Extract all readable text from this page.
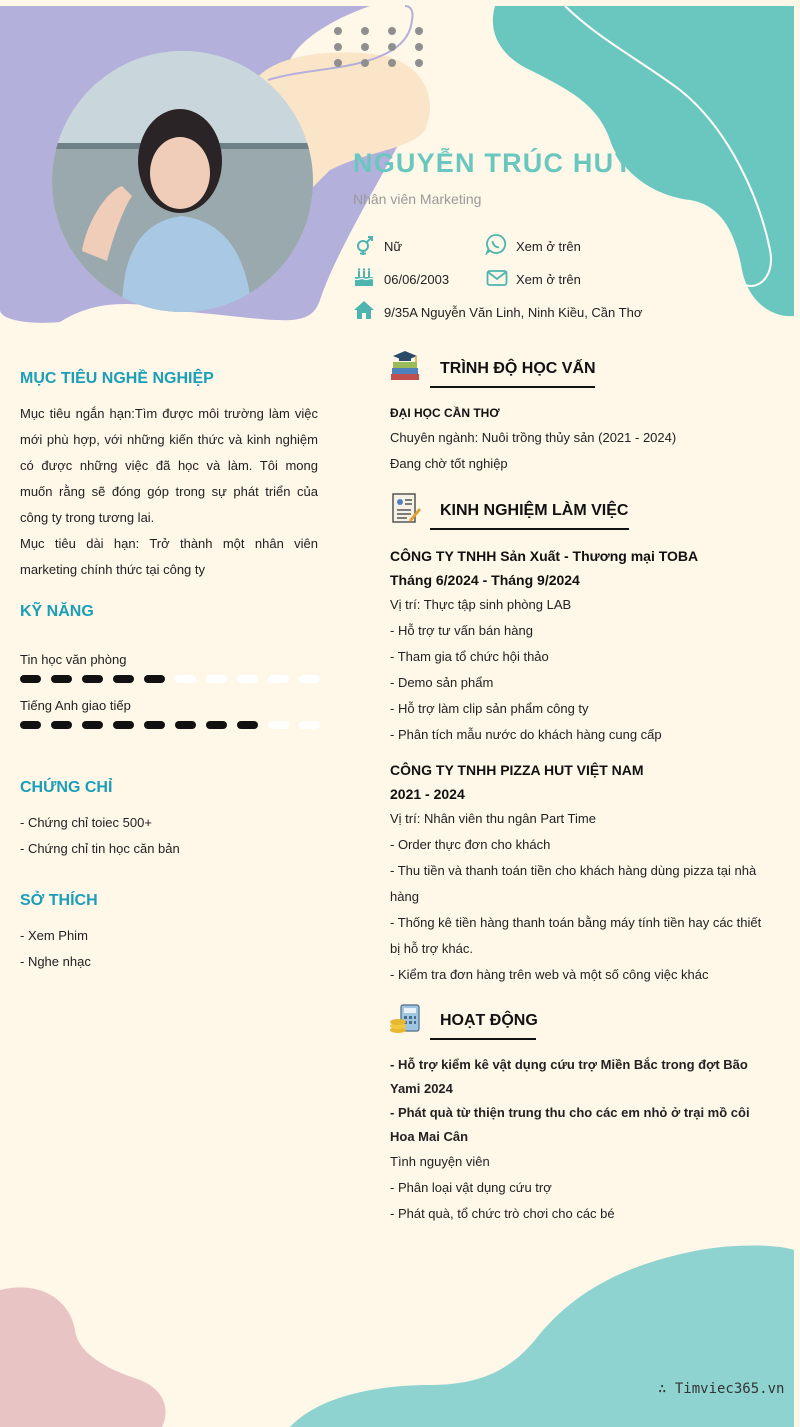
NGUYỄN TRÚC HUỲNH
Nhân viên Marketing
Nữ	Xem ở trên
06/06/2003	Xem ở trên
9/35A Nguyễn Văn Linh, Ninh Kiều, Cần Thơ
MỤC TIÊU NGHỀ NGHIỆP
Mục tiêu ngắn hạn:Tìm được môi trường làm việc mới phù hợp, với những kiến thức và kinh nghiệm có được những việc đã học và làm. Tôi mong muốn rằng sẽ đóng góp trong sự phát triển của công ty trong tương lai.
Mục tiêu dài hạn: Trở thành một nhân viên marketing chính thức tại công ty
KỸ NĂNG
Tin học văn phòng
Tiếng Anh giao tiếp
CHỨNG CHỈ
- Chứng chỉ toiec 500+
- Chứng chỉ tin học căn bản
SỞ THÍCH
- Xem Phim
- Nghe nhạc
TRÌNH ĐỘ HỌC VẤN
ĐẠI HỌC CẦN THƠ
Chuyên ngành: Nuôi trồng thủy sản (2021 - 2024)
Đang chờ tốt nghiệp
KINH NGHIỆM LÀM VIỆC
CÔNG TY TNHH Sản Xuất - Thương mại TOBA
Tháng 6/2024 - Tháng 9/2024
Vị trí: Thực tập sinh phòng LAB
- Hỗ trợ tư vấn bán hàng
- Tham gia tổ chức hội thảo
- Demo sản phẩm
- Hỗ trợ làm clip sản phẩm công ty
- Phân tích mẫu nước do khách hàng cung cấp
CÔNG TY TNHH PIZZA HUT VIỆT NAM
2021 - 2024
Vị trí: Nhân viên thu ngân Part Time
- Order thực đơn cho khách
- Thu tiền và thanh toán tiền cho khách hàng dùng pizza tại nhà hàng
- Thống kê tiền hàng thanh toán bằng máy tính tiền hay các thiết bị hỗ trợ khác.
- Kiểm tra đơn hàng trên web và một số công việc khác
HOẠT ĐỘNG
- Hỗ trợ kiểm kê vật dụng cứu trợ Miền Bắc trong đợt Bão Yami 2024
- Phát quà từ thiện trung thu cho các em nhỏ ở trại mồ côi Hoa Mai Cân
Tình nguyện viên
- Phân loại vật dụng cứu trợ
- Phát quà, tổ chức trò chơi cho các bé
∴ Timviec365.vn
